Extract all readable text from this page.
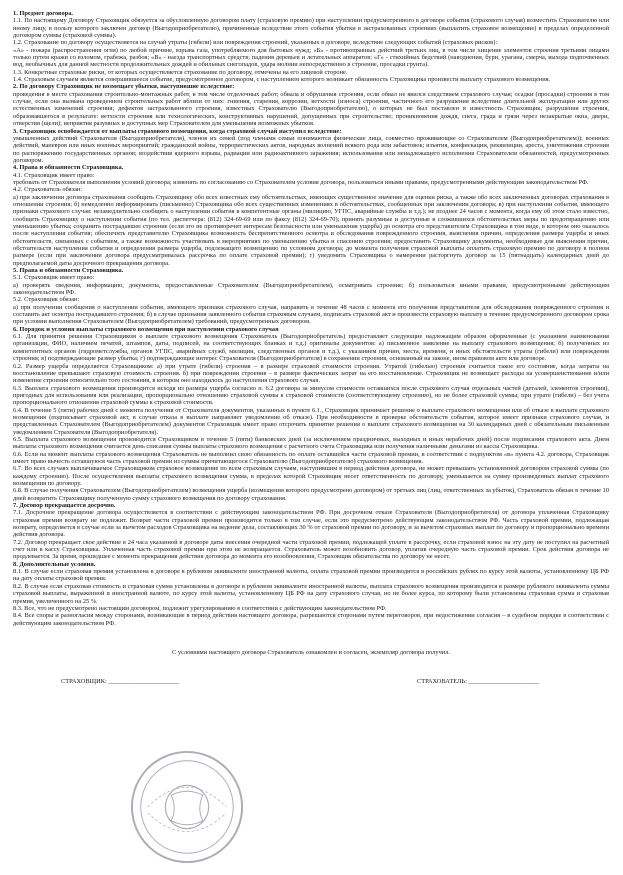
1. Предмет договора.
1.1. По настоящему Договору Страховщик обязуется за обусловленную договором плату (страховую премию) при наступлении предусмотренного в договоре события (страхового случая) возместить Страхователю или иному лицу, в пользу которого заключен договор (Выгодоприобретателю), причиненные вследствие этого события убытки в застрахованных строениях (выплатить страховое возмещение) в пределах определенной договором суммы (страховой суммы).
1.2. Страхование по договору осуществляется на случай утраты (гибели) или повреждения строений, указанных в договоре, вследствие следующих событий (страховых рисков):
«А» - пожара (распространения огня) по любой причине, взрыва газа, употребляемого для бытовых нужд; «Б» - противоправных действий третьих лиц, в том числе хищение элементов строения третьими лицами только путем кражи со взломом, грабежа, разбоя; «В» - наезда транспортных средств; падения деревьев и летательных аппаратов; «Г» - стихийных бедствий (наводнения, бури, урагана, смерча, выхода подпочвенных вод, необычных для данной местности продолжительных дождей и обильных снегопадов, удара молнии непосредственно в строение, просадки грунта).
1.3. Конкретные страховые риски, от которых осуществляется страхование по договору, отмечены на его лицевой стороне.
1.4. Страховым случаем является совершившееся событие, предусмотренное договором, с наступлением которого возникает обязанность Страховщика произвести выплату страхового возмещения.
2. По договору Страховщик не возмещает убытки, наступившие вследствие:
проведения в месте страхования строительно-монтажных работ, в том числе отделочных работ; обвала и обрушения строения, если обвал не явился следствием страхового случая; осадки (просадки) строения в том случае, если она вызвана проведением строительных работ вблизи от них: гниения, старения, коррозии, ветхости (износа) строения, частичного его разрушения вследствие длительной эксплуатации или других естественных изменений строения; дефектов застрахованного строения, известных Страхователю (Выгодоприобретателю), о которых не был поставлен в известность Страховщик; разрушения строения, образовавшегося в результате: ветхости строения или технологических, конструктивных нарушений, допущенных при строительстве; проникновения дождя, снега, града и грязи через незакрытые окна, двери, отверстия (щели); неприятия разумных и доступных мер Страхователем для уменьшения возможных убытков.
3. Страховщик освобождается от выплаты страхового возмещения, когда страховой случай наступил вследствие:
умышленных действий Страхователя (Выгодоприобретателя), членов их семей (под членами семьи понимаются физические лица, совместно проживающие со Страхователем (Выгодоприобретателем)); военных действий, маневров или иных военных мероприятий; гражданской войны, террористических актов, народных волнений всякого рода или забастовок; изъятия, конфискации, реквизиции, ареста, уничтожения строения по распоряжению государственных органов; воздействия ядерного взрыва, радиации или радиоактивного заражения; использования или ненадлежащего исполнения Страхователем обязанностей, предусмотренных договором.
4. Права и обязанности Страховщика.
4.1. Страховщик имеет право:
требовать от Страхователя выполнения условий договора; изменять по согласованию со Страхователем условия договора, пользоваться иными правами, предусмотренными действующим законодательством РФ.
4.2. Страхователь обязан:
а) при заключении договора страхования сообщить Страховщику обо всех известных ему обстоятельствах, имеющих существенное значение для оценки риска, а также обо всех заключенных договорах страхования в отношении строения; б) немедленно информировать (письменно) Страховщика обо всех существенных изменениях в обстоятельствах, сообщенных при заключении договора; в) при наступлении события, имеющего признаки страхового случая: незамедлительно сообщить о наступлении события в компетентные органы (милицию, УГПС, аварийные службы и т.д.); не позднее 24 часов с момента, когда ему об этом стало известно, сообщить Страховщику о наступлении события (по тел. диспетчера: (812) 324-69-69 или по факсу (812) 324-69-70); принять разумные и доступные в сложившихся обстоятельствах меры по предотвращению или уменьшению убытка; сохранить пострадавшее строение (если это не противоречит интересам безопасности или уменьшения ущерба) до осмотра его представителем Страховщика в том виде, в котором оно оказалось после наступления события; обеспечить представителю Страховщика возможность беспрепятственного осмотра и обследования поврежденного строения, выяснения причин, определения размера ущерба и иных обстоятельств, связанных с событием, а также возможность участвовать в мероприятиях по уменьшению убытка и спасению строения; предоставить Страховщику документы, необходимые для выяснения причин, обстоятельств наступления события и определения размера ущерба, подлежащего возмещению по условиям договора; до момента получения страховой выплаты оплатить страховую премию по договору в полном размере (если при заключении договора предусматривалась рассрочка по оплате страховой премии); г) уведомить Страховщика о намерении расторгнуть договор за 15 (пятнадцать) календарных дней до предполагаемой даты досрочного прекращения договора.
5. Права и обязанности Страховщика.
5.1. Страховщик имеет право:
а) проверять сведения, информацию, документы, предоставленные Страхователем (Выгодоприобретателем), осматривать строение; б) пользоваться иными правами, предусмотренными действующим законодательством РФ.
5.2. Страховщик обязан:
а) при получении сообщения о наступлении события, имеющего признаки страхового случая, направить в течение 48 часов с момента его получения представителя для обследования поврежденного строения и составить акт осмотра пострадавшего строения; б) в случае признания заявленного события страховым случаем, подписать страховой акт и произвести страховую выплату в течение предусмотренного договором срока при условии выполнения Страхователем (Выгодоприобретателем) требований, предусмотренных договором.
6. Порядок и условия выплаты страхового возмещения при наступлении страхового случая
6.1. Для принятия решения Страховщиком о выплате страхового возмещения Страхователь (Выгодоприобретатель) предоставляет следующие надлежащим образом оформленные (с указанием наименования организации, ФИО, наличием печатей, штампов, даты, подписей, на соответствующих бланках и т.д.) оригиналы документов: а) письменное заявление на выплату страхового возмещения; б) полученных из компетентных органов (гидрометслужбы, органов УГПС, аварийных служб, милиции, следственных органов и т.д.), с указанием причин, места, времени, и иных обстоятельств утраты (гибели) или повреждения строения; в) подтверждающие размер убытка; г) подтверждающие интерес Страхователя (Выгодоприобретателя) в сохранении строения, основанный на законе, ином правовом акте или договоре.
6.2. Размер ущерба определяется Страховщиком: а) при утрате (гибели) строения – в размере страховой стоимости строения. Утратой (гибелью) строения считается такое его состояние, когда затраты на восстановление превышают страховую стоимость строения. б) при повреждении строения – в размере фактических затрат на его восстановление. Страховщик не возмещает расходы на усовершенствование и/или изменение строения относительно того состояния, в котором оно находилось до наступления страхового случая.
6.3. Выплата страхового возмещения производится исходя из размера ущерба согласно п. 6.2 договора за минусом стоимости оставшихся после страхового случая отдельных частей (деталей, элементов строения), пригодных для использования или реализации, пропорционально отношению страховой суммы к страховой стоимости (соответствующему строению), но не более страховой суммы; при утрате (гибели) – без учета пропорционального отношения страховой суммы к страховой стоимости.
6.4. В течение 5 (пяти) рабочих дней с момента получения от Страхователя документов, указанных в пункте 6.1., Страховщик принимает решение о выплате страхового возмещения или об отказе в выплате страхового возмещения (подписывает страховой акт, в случае отказа в выплате направляет уведомление об отказе). При необходимости в проверке обстоятельств события, которое имеет признаки страхового случая, и представленных Страхователем (Выгодоприобретателем) документов Страховщик имеет право отсрочить принятие решения о выплате страхового возмещения на 30 календарных дней с обязательным письменным уведомлением Страхователя (Выгодоприобретателя).
6.5. Выплата страхового возмещения производится Страховщиком в течение 5 (пяти) банковских дней (за исключением праздничных, выходных и иных нерабочих дней) после подписания страхового акта. Днем выплаты страхового возмещения считается день списания суммы выплаты страхового возмещения с расчетного счета Страховщика или получения наличными деньгами из кассы Страховщика.
6.6. Если на момент выплаты страхового возмещения Страхователь не выполнил свою обязанность по оплате оставшейся части страховой премии, в соответствии с подпунктом «в» пункта 4.2. договора, Страховщик имеет право вычесть оставшуюся часть страховой премии из суммы причитающегося Страхователю (Выгодоприобретателю) страхового возмещения.
6.7. Во всех случаях выплачиваемое Страховщиком страховое возмещение по всем страховым случаям, наступившим в период действия договора, не может превышать установленной договором страховой суммы (по каждому строению). После осуществления выплаты страхового возмещения сумма, в пределах которой Страховщик несет ответственность по договору, уменьшается на сумму произведенных выплат страхового возмещения по договору.
6.8. В случае получения Страхователем (Выгодоприобретателем) возмещения ущерба (возмещения которого предусмотрено договором) от третьих лиц (лиц, ответственных за убыток), Страхователь обязан в течение 10 дней возвратить Страховщику полученную сумму страхового возмещения по договору страхования.
7. Договор прекращается досрочно.
7.1. Досрочное прекращение договора осуществляется в соответствии с действующим законодательством РФ. При досрочном отказе Страхователя (Выгодоприобретателя) от договора уплаченная Страховщику страховая премия возврату не подлежит. Возврат части страховой премии производится только в том случае, если это предусмотрено действующим законодательством РФ. Часть страховой премии, подлежащая возврату, определяется в случае если за вычетом расходов Страховщика на ведение дела, составляющих 30 % от страховой премии по договору, и за вычетом страховых выплат по договору и пропорционально времени действия договора.
7.2. Договор прекращает свое действие в 24 часа указанной в договоре даты внесения очередной части страховой премии, подлежащей уплате в рассрочку, если страховой взнос на эту дату не поступил на расчетный счет или в кассу Страховщика. Уплаченная часть страховой премии при этом не возвращается. Страхователь может возобновить договор, уплатив очередную часть страховой премии. Срок действия договора не продлевается. За время, прошедшее с момента прекращения действия договора до момента его возобновления, Страховщик обязательства по договору не несет.
8. Дополнительные условия.
8.1. В случае если страховая премия установлена в договоре в рублевом эквиваленте иностранной валюты, оплата страховой премии производится в российских рублях по курсу этой валюты, установленному ЦБ РФ на дату оплаты страховой премии.
8.2. В случае если страховая стоимость и страховая сумма установлены в договоре в рублевом эквиваленте иностранной валюты, выплата страхового возмещения производится в размере рублевого эквивалента суммы страховой выплаты, выраженной в иностранной валюте, по курсу этой валюты, установленному ЦБ РФ на дату страхового случая, но не более курса, по которому были установлены страховая сумма и страховая премия, увеличенного на 25 %.
8.3. Все, что не предусмотрено настоящим договором, подлежит урегулированию в соответствии с действующим законодательством РФ.
8.4. Все споры и разногласия между сторонами, возникающие в период действия настоящего договора, разрешаются сторонами путем переговоров, при недостижении согласия – в судебном порядке в соответствии с действующим законодательством РФ.
С условиями настоящего договора Страхователь ознакомлен и согласен, экземпляр договора получил.
СТРАХОВЩИК: ______________________	СТРАХОВАТЕЛЬ: ______________________
